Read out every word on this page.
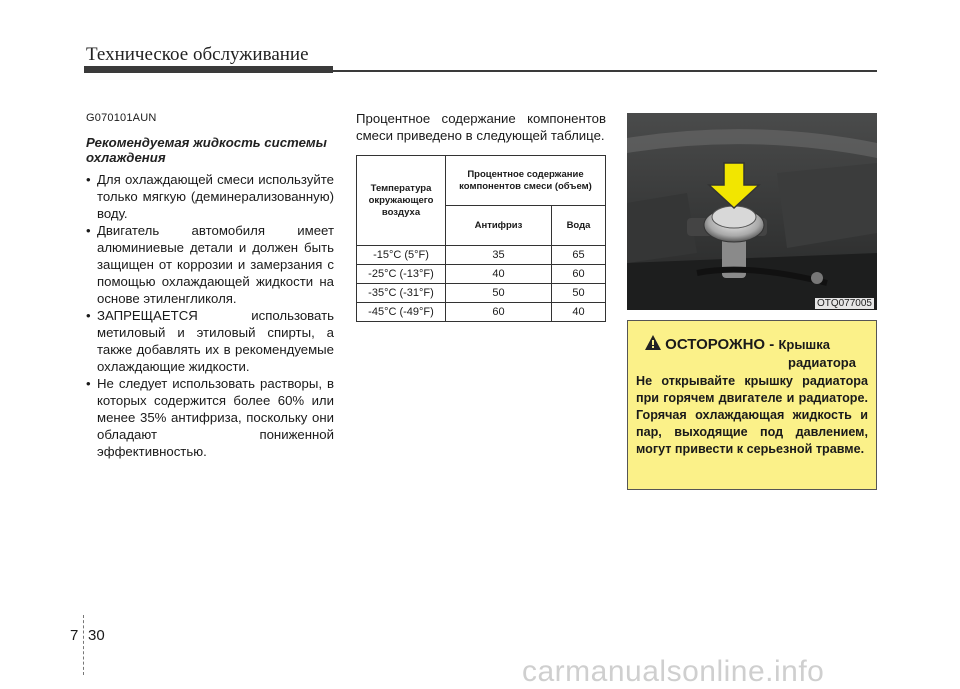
Техническое обслуживание
G070101AUN
Рекомендуемая жидкость системы охлаждения
• Для охлаждающей смеси используйте только мягкую (деминерализованную) воду.
• Двигатель автомобиля имеет алюминиевые детали и должен быть защищен от коррозии и замерзания с помощью охлаждающей жидкости на основе этиленгликоля.
• ЗАПРЕЩАЕТСЯ использовать метиловый и этиловый спирты, а также добавлять их в рекомендуемые охлаждающие жидкости.
• Не следует использовать растворы, в которых содержится более 60% или менее 35% антифриза, поскольку они обладают пониженной эффективностью.

Процентное содержание компонентов смеси приведено в следующей таблице.

Температура окружающего воздуха	Процентное содержание компонентов смеси (объем)	
	Антифриз	Вода
-15°C (5°F)	35	65
-25°C (-13°F)	40	60
-35°C (-31°F)	50	50
-45°C (-49°F)	60	40
OTQ077005
ОСТОРОЖНО - Крышка
радиатора
Не открывайте крышку радиатора при горячем двигателе и радиаторе. Горячая охлаждающая жидкость и пар, выходящие под давлением, могут привести к серьезной травме.
7 30
carmanualsonline.info
